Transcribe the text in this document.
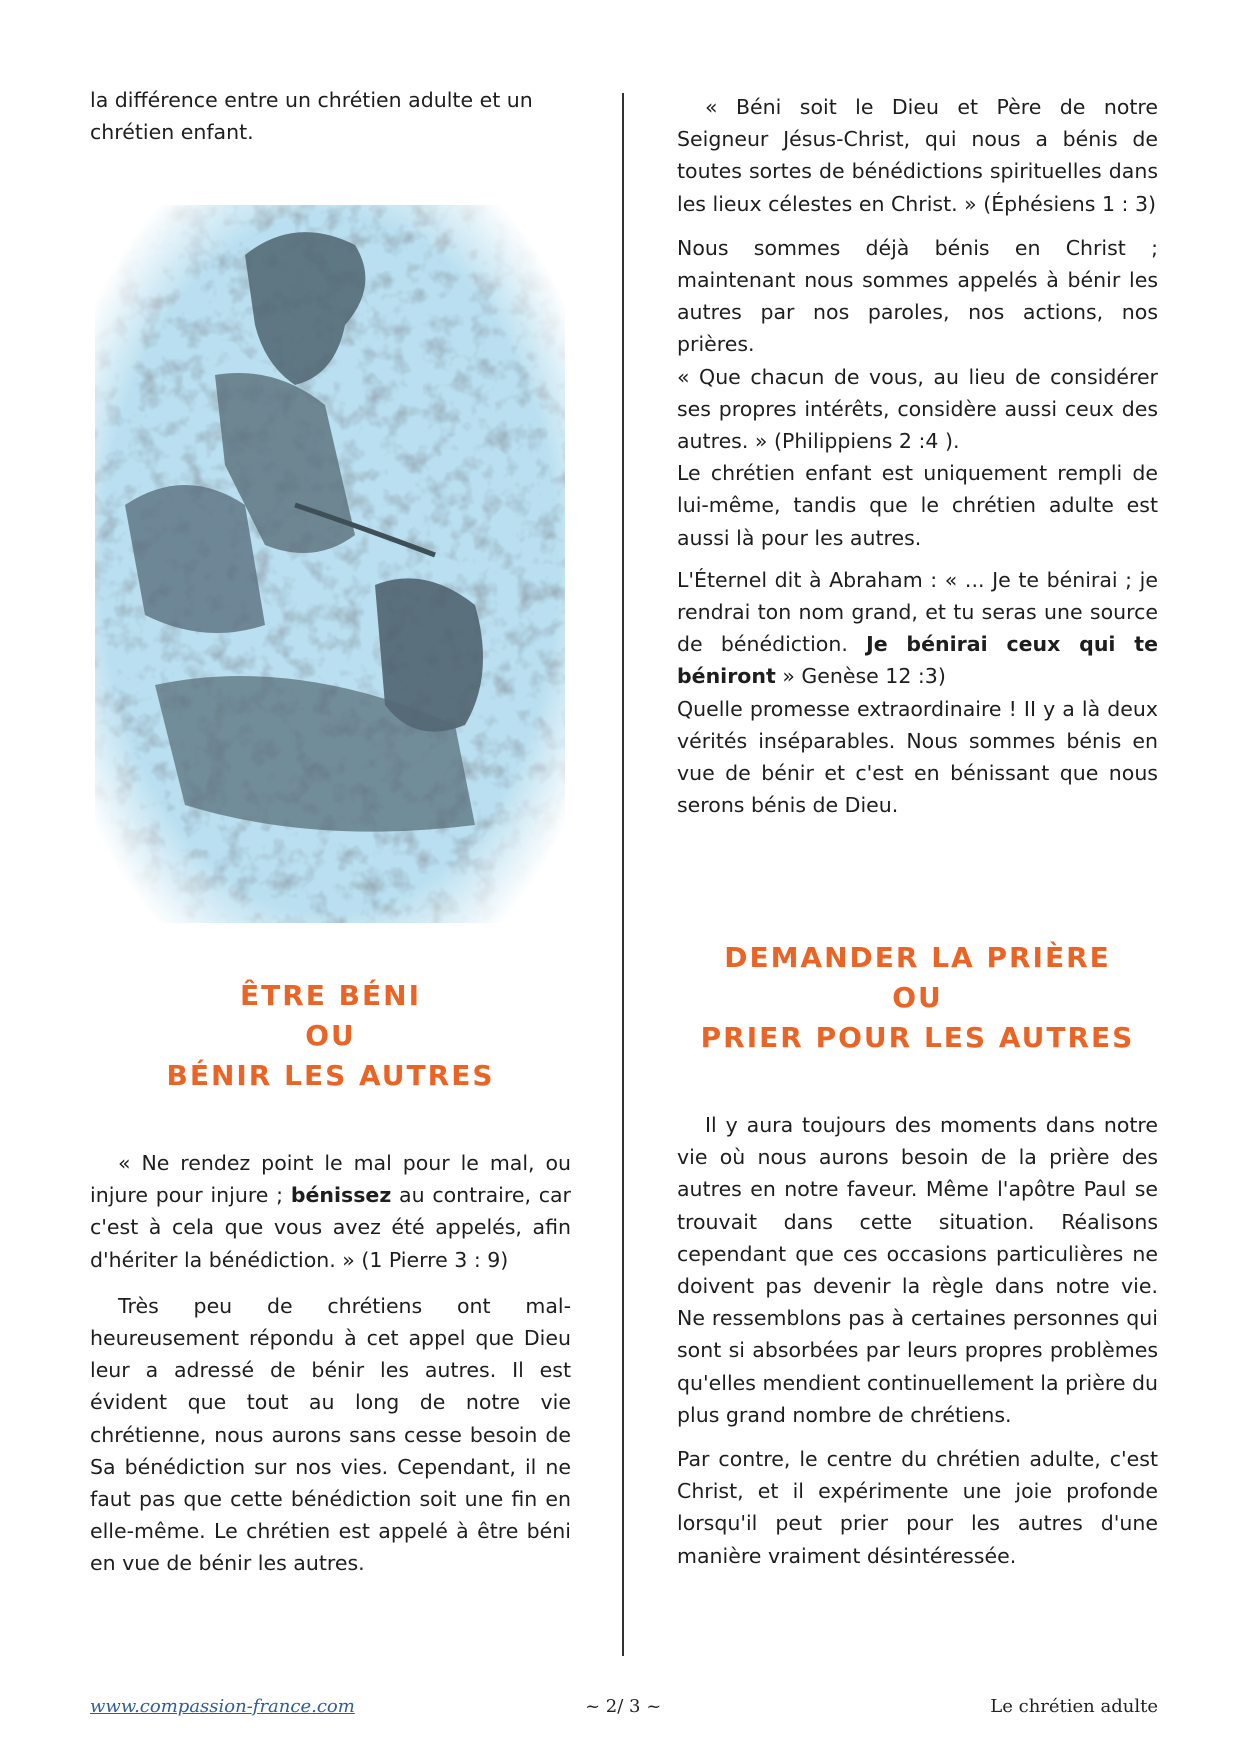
la différence entre un chrétien adulte et un chrétien enfant.

ÊTRE BÉNI
OU
BÉNIR LES AUTRES

« Ne rendez point le mal pour le mal, ou injure pour injure ; bénissez au contraire, car c'est à cela que vous avez été appelés, afin d'hériter la bénédiction. » (1 Pierre 3 : 9)

Très peu de chrétiens ont mal-heureusement répondu à cet appel que Dieu leur a adressé de bénir les autres. Il est évident que tout au long de notre vie chrétienne, nous aurons sans cesse besoin de Sa bénédiction sur nos vies. Cependant, il ne faut pas que cette bénédiction soit une fin en elle-même. Le chrétien est appelé à être béni en vue de bénir les autres.

« Béni soit le Dieu et Père de notre Seigneur Jésus-Christ, qui nous a bénis de toutes sortes de bénédictions spirituelles dans les lieux célestes en Christ. » (Éphésiens 1 : 3)

Nous sommes déjà bénis en Christ ; maintenant nous sommes appelés à bénir les autres par nos paroles, nos actions, nos prières.

« Que chacun de vous, au lieu de considérer ses propres intérêts, considère aussi ceux des autres. » (Philippiens 2 :4 ).

Le chrétien enfant est uniquement rempli de lui-même, tandis que le chrétien adulte est aussi là pour les autres.

L'Éternel dit à Abraham : « ... Je te bénirai ; je rendrai ton nom grand, et tu seras une source de bénédiction. Je bénirai ceux qui te béniront » Genèse 12 :3)

Quelle promesse extraordinaire ! II y a là deux vérités inséparables. Nous sommes bénis en vue de bénir et c'est en bénissant que nous serons bénis de Dieu.

DEMANDER LA PRIÈRE
OU
PRIER POUR LES AUTRES

Il y aura toujours des moments dans notre vie où nous aurons besoin de la prière des autres en notre faveur. Même l'apôtre Paul se trouvait dans cette situation. Réalisons cependant que ces occasions particulières ne doivent pas devenir la règle dans notre vie. Ne ressemblons pas à certaines personnes qui sont si absorbées par leurs propres problèmes qu'elles mendient continuellement la prière du plus grand nombre de chrétiens.

Par contre, le centre du chrétien adulte, c'est Christ, et il expérimente une joie profonde lorsqu'il peut prier pour les autres d'une manière vraiment désintéressée.

www.compassion-france.com	~ 2/ 3 ~	Le chrétien adulte
